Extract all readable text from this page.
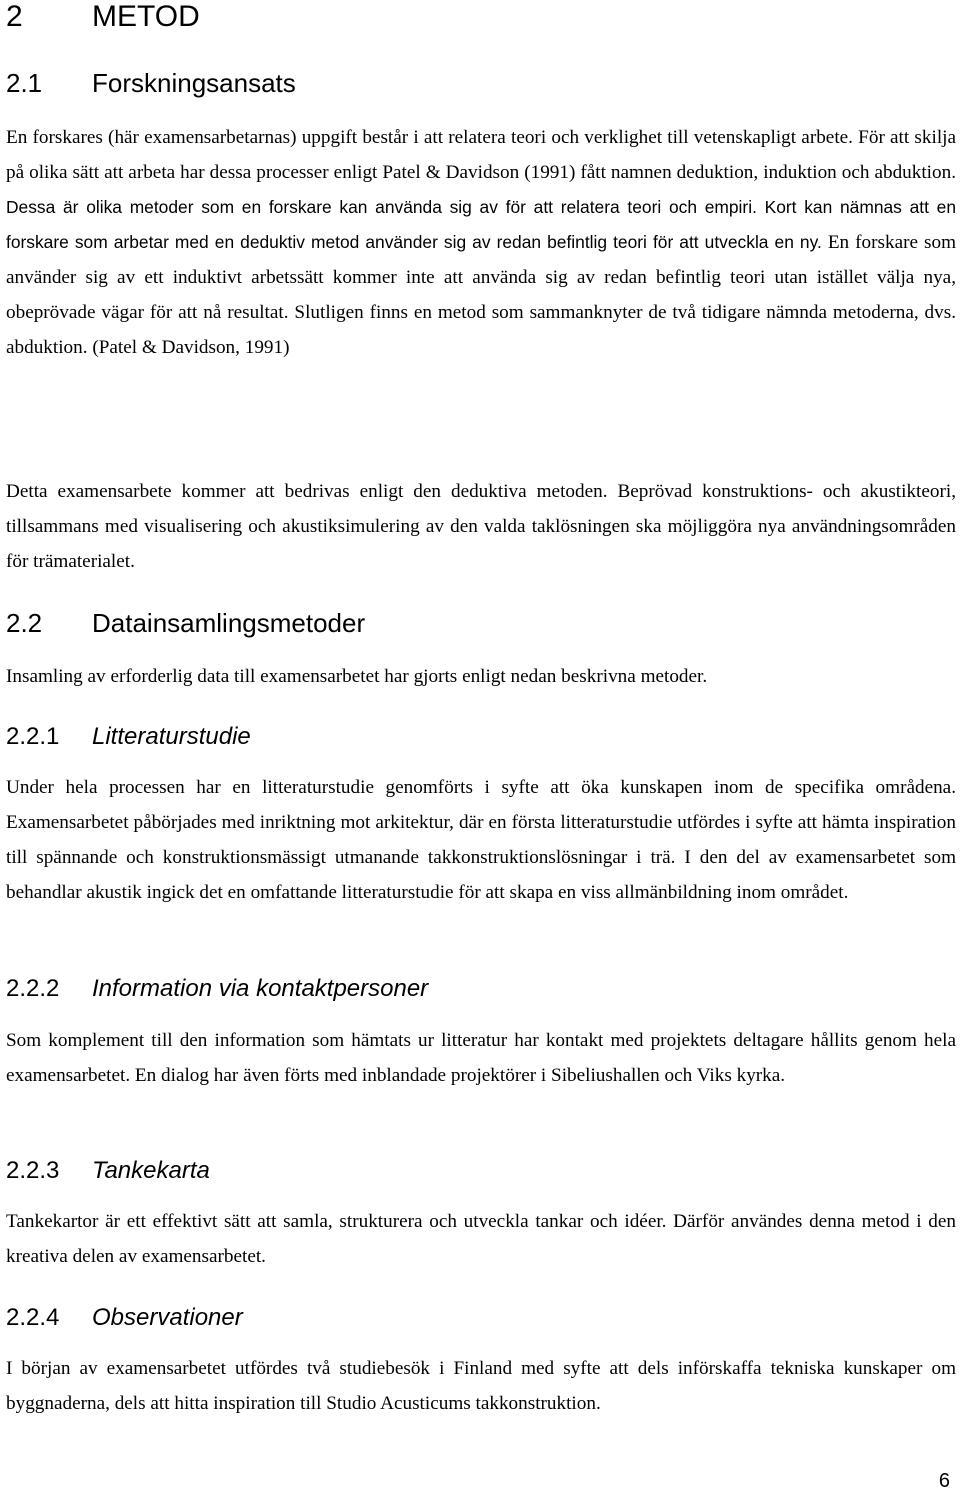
2 METOD
2.1 Forskningsansats

En forskares (här examensarbetarnas) uppgift består i att relatera teori och verklighet till vetenskapligt arbete. För att skilja på olika sätt att arbeta har dessa processer enligt Patel & Davidson (1991) fått namnen deduktion, induktion och abduktion. Dessa är olika metoder som en forskare kan använda sig av för att relatera teori och empiri. Kort kan nämnas att en forskare som arbetar med en deduktiv metod använder sig av redan befintlig teori för att utveckla en ny. En forskare som använder sig av ett induktivt arbetssätt kommer inte att använda sig av redan befintlig teori utan istället välja nya, obeprövade vägar för att nå resultat. Slutligen finns en metod som sammanknyter de två tidigare nämnda metoderna, dvs. abduktion. (Patel & Davidson, 1991)

Detta examensarbete kommer att bedrivas enligt den deduktiva metoden. Beprövad konstruktions- och akustikteori, tillsammans med visualisering och akustiksimulering av den valda taklösningen ska möjliggöra nya användningsområden för trämaterialet.

2.2 Datainsamlingsmetoder

Insamling av erforderlig data till examensarbetet har gjorts enligt nedan beskrivna metoder.

2.2.1 Litteraturstudie

Under hela processen har en litteraturstudie genomförts i syfte att öka kunskapen inom de specifika områdena. Examensarbetet påbörjades med inriktning mot arkitektur, där en första litteraturstudie utfördes i syfte att hämta inspiration till spännande och konstruktionsmässigt utmanande takkonstruktionslösningar i trä. I den del av examensarbetet som behandlar akustik ingick det en omfattande litteraturstudie för att skapa en viss allmänbildning inom området.

2.2.2 Information via kontaktpersoner

Som komplement till den information som hämtats ur litteratur har kontakt med projektets deltagare hållits genom hela examensarbetet. En dialog har även förts med inblandade projektörer i Sibeliushallen och Viks kyrka.

2.2.3 Tankekarta

Tankekartor är ett effektivt sätt att samla, strukturera och utveckla tankar och idéer. Därför användes denna metod i den kreativa delen av examensarbetet.

2.2.4 Observationer

I början av examensarbetet utfördes två studiebesök i Finland med syfte att dels införskaffa tekniska kunskaper om byggnaderna, dels att hitta inspiration till Studio Acusticums takkonstruktion.

6
